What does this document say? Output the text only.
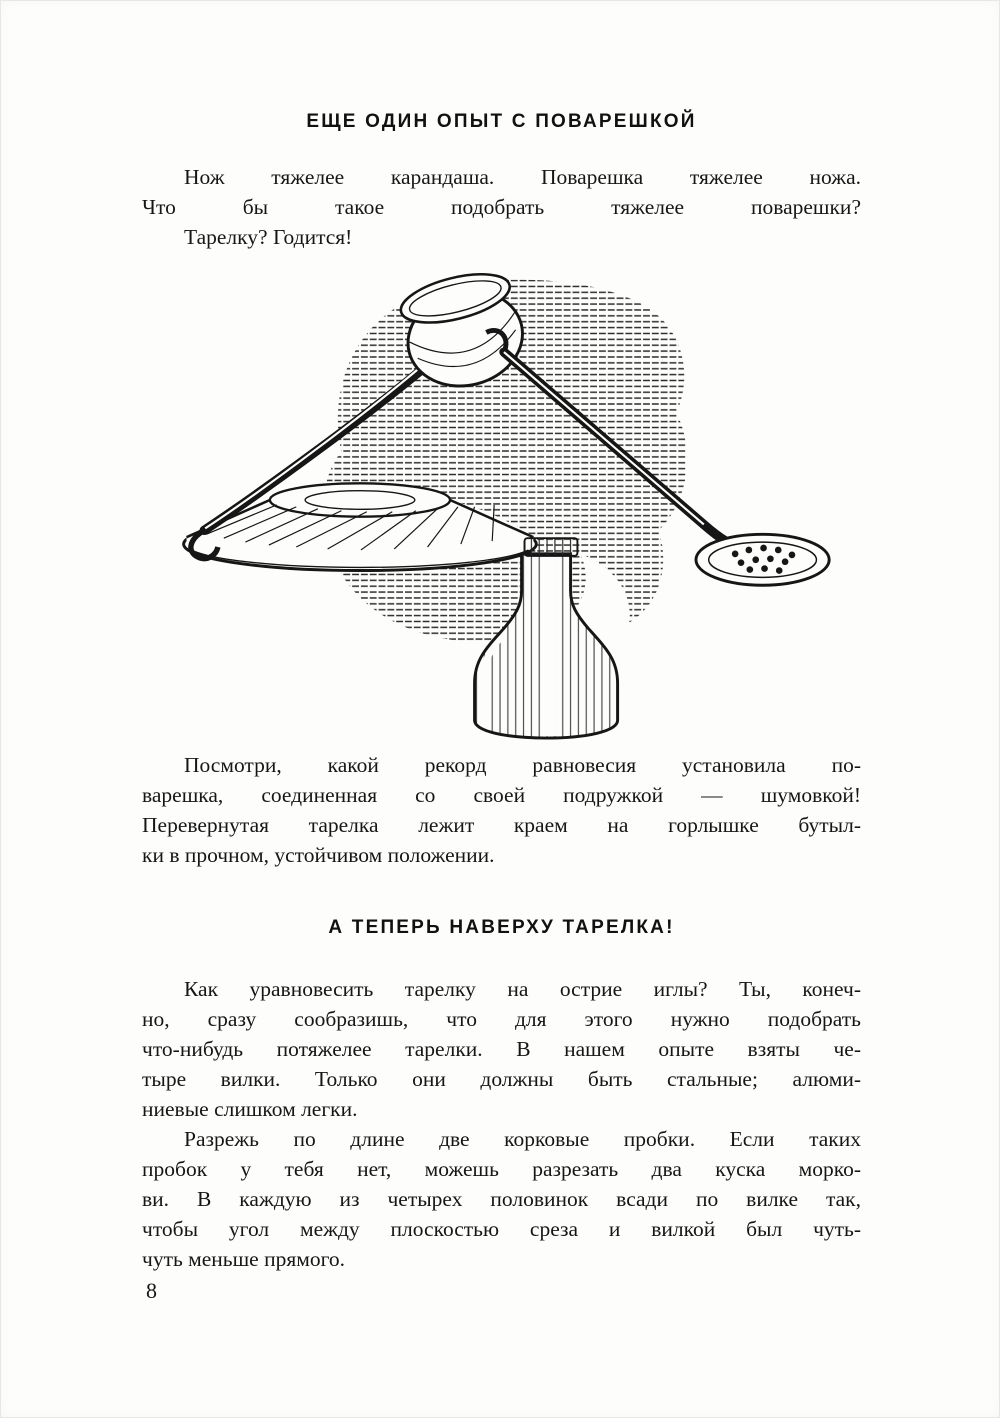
ЕЩЕ ОДИН ОПЫТ С ПОВАРЕШКОЙ
Нож тяжелее карандаша. Поварешка тяжелее ножа.
Что бы такое подобрать тяжелее поварешки?
Тарелку? Годится!
Посмотри, какой рекорд равновесия установила по-
варешка, соединенная со своей подружкой — шумовкой!
Перевернутая тарелка лежит краем на горлышке бутыл-
ки в прочном, устойчивом положении.
А ТЕПЕРЬ НАВЕРХУ ТАРЕЛКА!
Как уравновесить тарелку на острие иглы? Ты, конеч-
но, сразу сообразишь, что для этого нужно подобрать
что-нибудь потяжелее тарелки. В нашем опыте взяты че-
тыре вилки. Только они должны быть стальные; алюми-
ниевые слишком легки.
Разрежь по длине две корковые пробки. Если таких
пробок у тебя нет, можешь разрезать два куска морко-
ви. В каждую из четырех половинок всади по вилке так,
чтобы угол между плоскостью среза и вилкой был чуть-
чуть меньше прямого.
8
